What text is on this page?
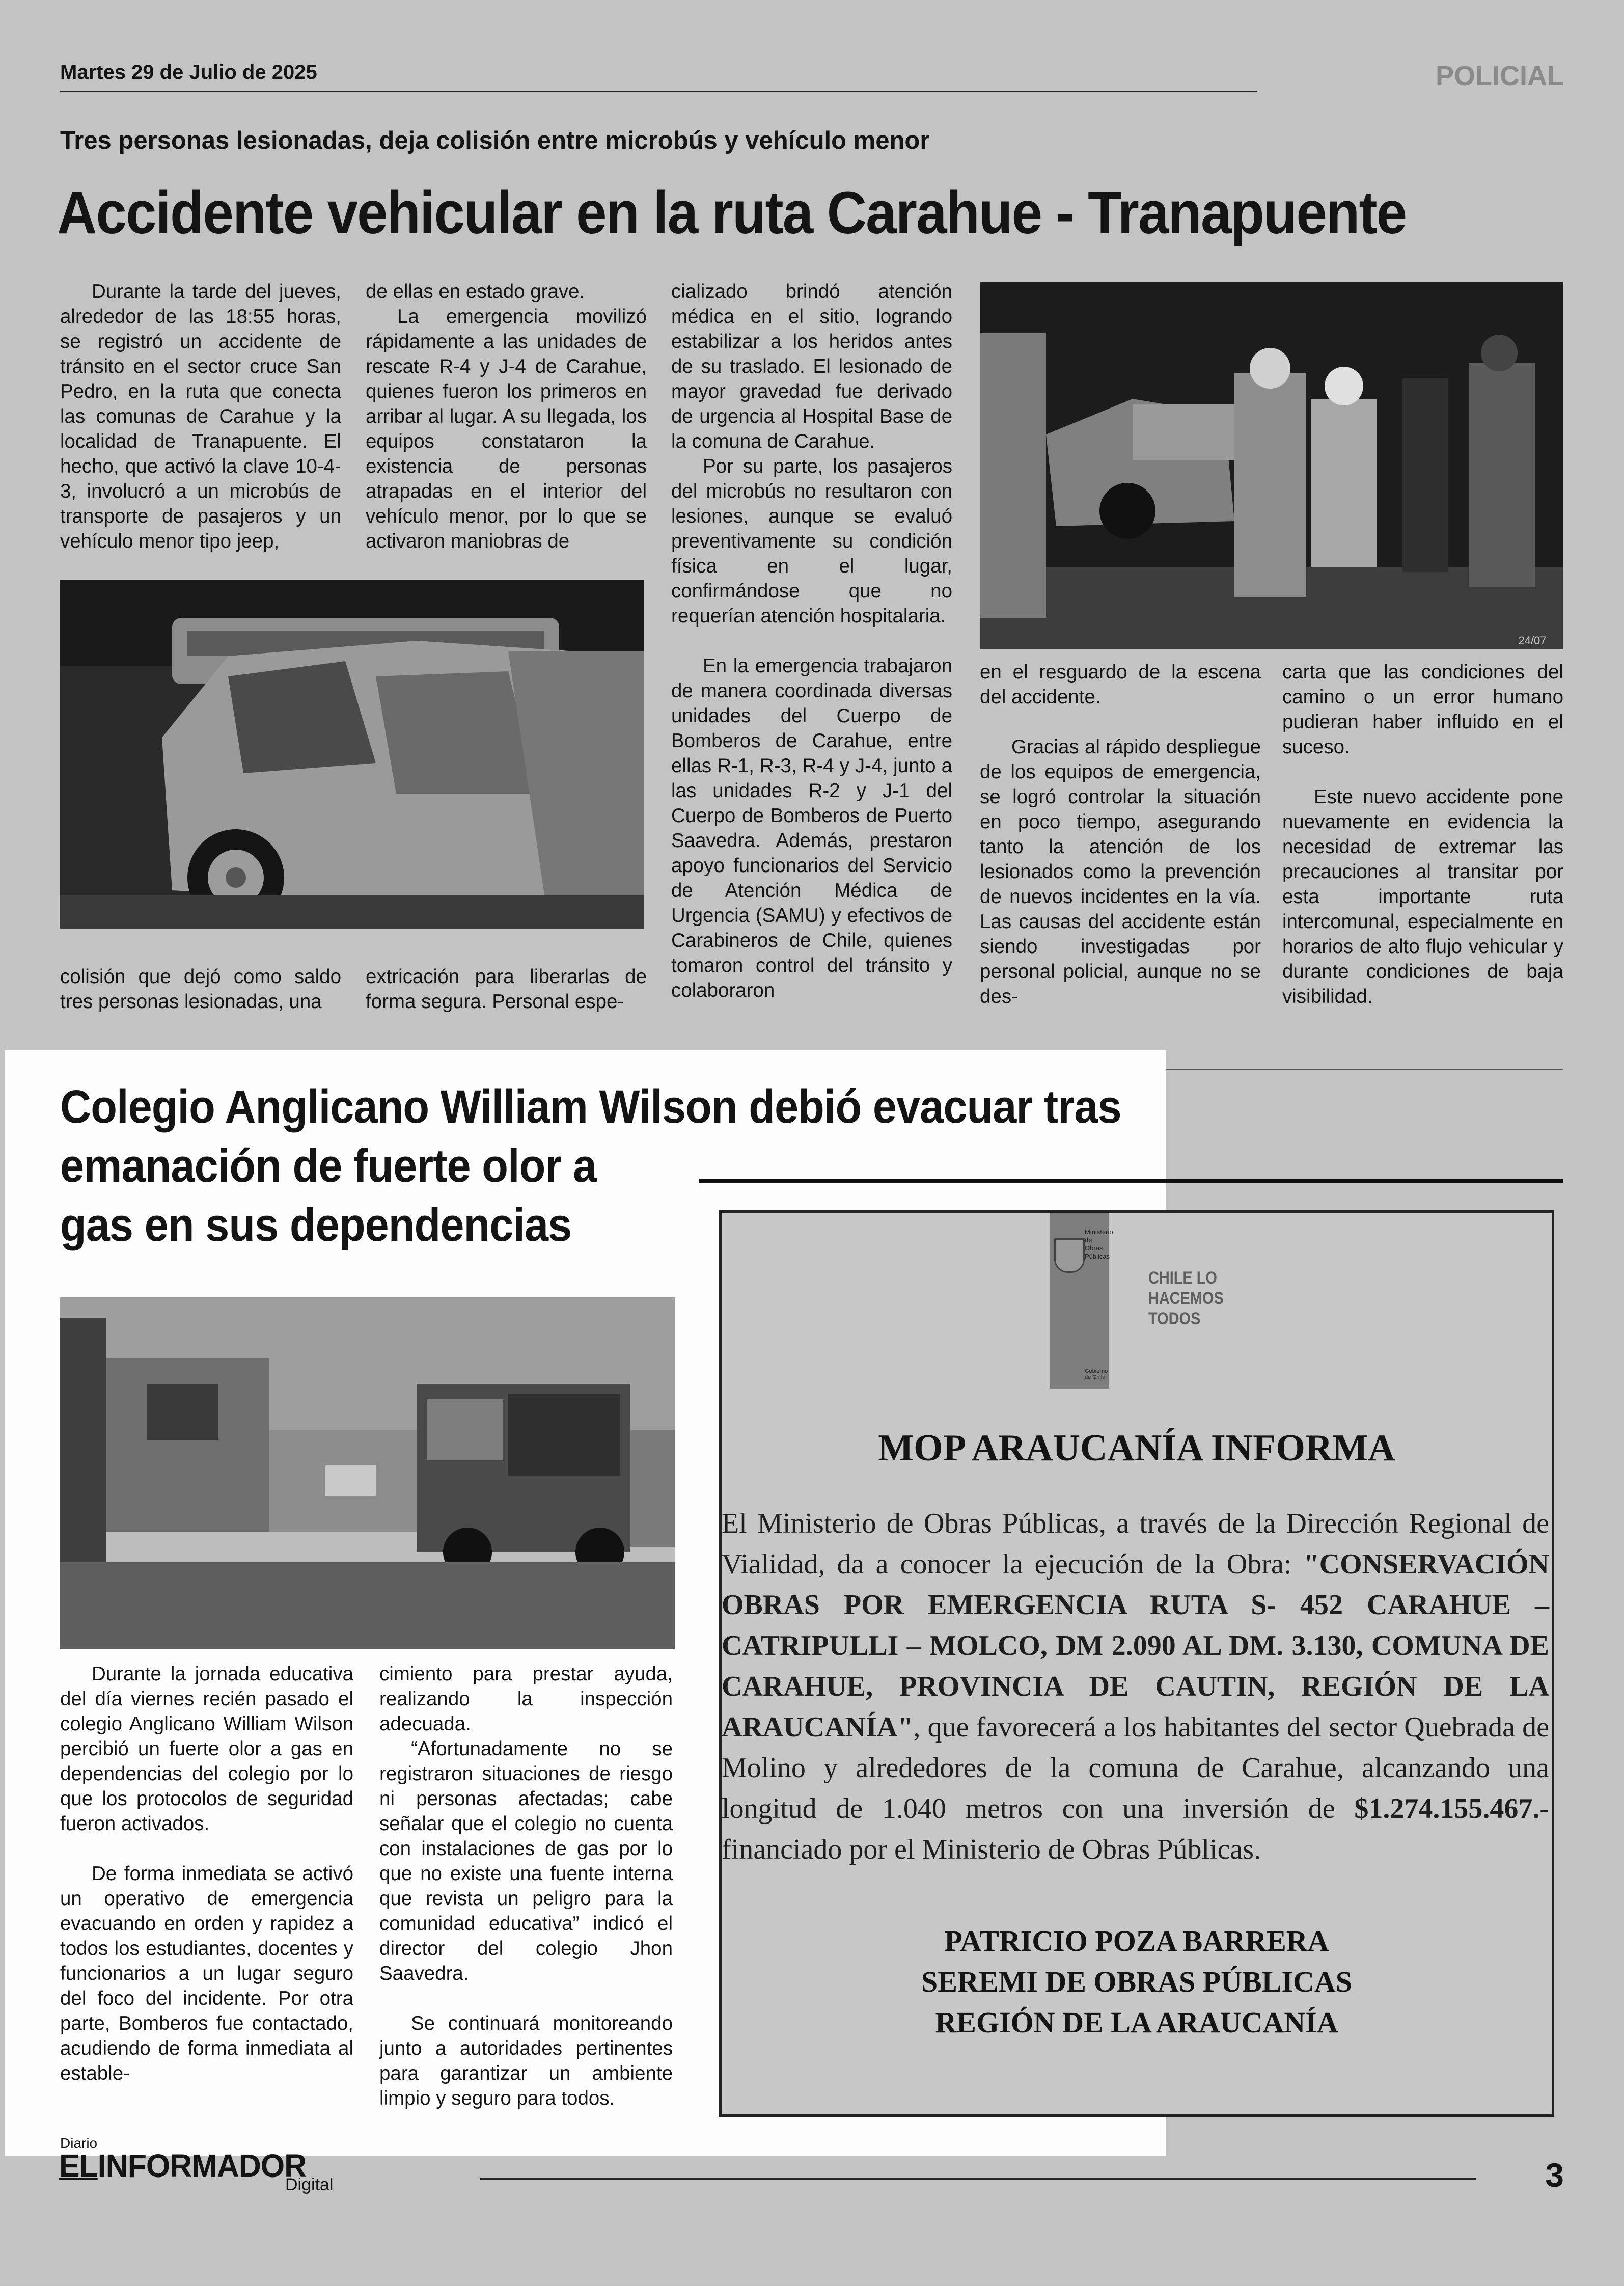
Martes 29 de Julio de 2025	POLICIAL
Tres personas lesionadas, deja colisión entre microbús y vehículo menor
Accidente vehicular en la ruta Carahue - Tranapuente

Durante la tarde del jueves, alrededor de las 18:55 horas, se registró un accidente de tránsito en el sector cruce San Pedro, en la ruta que conecta las comunas de Carahue y la localidad de Tranapuente. El hecho, que activó la clave 10-4-3, involucró a un microbús de transporte de pasajeros y un vehículo menor tipo jeep,

de ellas en estado grave.

La emergencia movilizó rápidamente a las unidades de rescate R-4 y J-4 de Carahue, quienes fueron los primeros en arribar al lugar. A su llegada, los equipos constataron la existencia de personas atrapadas en el interior del vehículo menor, por lo que se activaron maniobras de

colisión que dejó como saldo tres personas lesionadas, una

extricación para liberarlas de forma segura. Personal espe-

cializado brindó atención médica en el sitio, logrando estabilizar a los heridos antes de su traslado. El lesionado de mayor gravedad fue derivado de urgencia al Hospital Base de la comuna de Carahue.

Por su parte, los pasajeros del microbús no resultaron con lesiones, aunque se evaluó preventivamente su condición física en el lugar, confirmándose que no requerían atención hospitalaria.

En la emergencia trabajaron de manera coordinada diversas unidades del Cuerpo de Bomberos de Carahue, entre ellas R-1, R-3, R-4 y J-4, junto a las unidades R-2 y J-1 del Cuerpo de Bomberos de Puerto Saavedra. Además, prestaron apoyo funcionarios del Servicio de Atención Médica de Urgencia (SAMU) y efectivos de Carabineros de Chile, quienes tomaron control del tránsito y colaboraron

24/07

en el resguardo de la escena del accidente.

Gracias al rápido despliegue de los equipos de emergencia, se logró controlar la situación en poco tiempo, asegurando tanto la atención de los lesionados como la prevención de nuevos incidentes en la vía. Las causas del accidente están siendo investigadas por personal policial, aunque no se des-

carta que las condiciones del camino o un error humano pudieran haber influido en el suceso.

Este nuevo accidente pone nuevamente en evidencia la necesidad de extremar las precauciones al transitar por esta importante ruta intercomunal, especialmente en horarios de alto flujo vehicular y durante condiciones de baja visibilidad.

Colegio Anglicano William Wilson debió evacuar tras
emanación de fuerte olor a
gas en sus dependencias

Durante la jornada educativa del día viernes recién pasado el colegio Anglicano William Wilson percibió un fuerte olor a gas en dependencias del colegio por lo que los protocolos de seguridad fueron activados.

De forma inmediata se activó un operativo de emergencia evacuando en orden y rapidez a todos los estudiantes, docentes y funcionarios a un lugar seguro del foco del incidente. Por otra parte, Bomberos fue contactado, acudiendo de forma inmediata al estable-

cimiento para prestar ayuda, realizando la inspección adecuada.

“Afortunadamente no se registraron situaciones de riesgo ni personas afectadas; cabe señalar que el colegio no cuenta con instalaciones de gas por lo que no existe una fuente interna que revista un peligro para la comunidad educativa” indicó el director del colegio Jhon Saavedra.

Se continuará monitoreando junto a autoridades pertinentes para garantizar un ambiente limpio y seguro para todos.

Ministerio de Obras Públicas
Gobierno de Chile
CHILE LO
HACEMOS
TODOS
MOP ARAUCANÍA INFORMA
El Ministerio de Obras Públicas, a través de la Dirección Regional de Vialidad, da a conocer la ejecución de la Obra: "CONSERVACIÓN OBRAS POR EMERGENCIA RUTA S- 452 CARAHUE – CATRIPULLI – MOLCO, DM 2.090 AL DM. 3.130, COMUNA DE CARAHUE, PROVINCIA DE CAUTIN, REGIÓN DE LA ARAUCANÍA", que favorecerá a los habitantes del sector Quebrada de Molino y alrededores de la comuna de Carahue, alcanzando una longitud de 1.040 metros con una inversión de $1.274.155.467.- financiado por el Ministerio de Obras Públicas.
PATRICIO POZA BARRERA
SEREMI DE OBRAS PÚBLICAS
REGIÓN DE LA ARAUCANÍA
Diario
ELINFORMADOR
Digital	3
